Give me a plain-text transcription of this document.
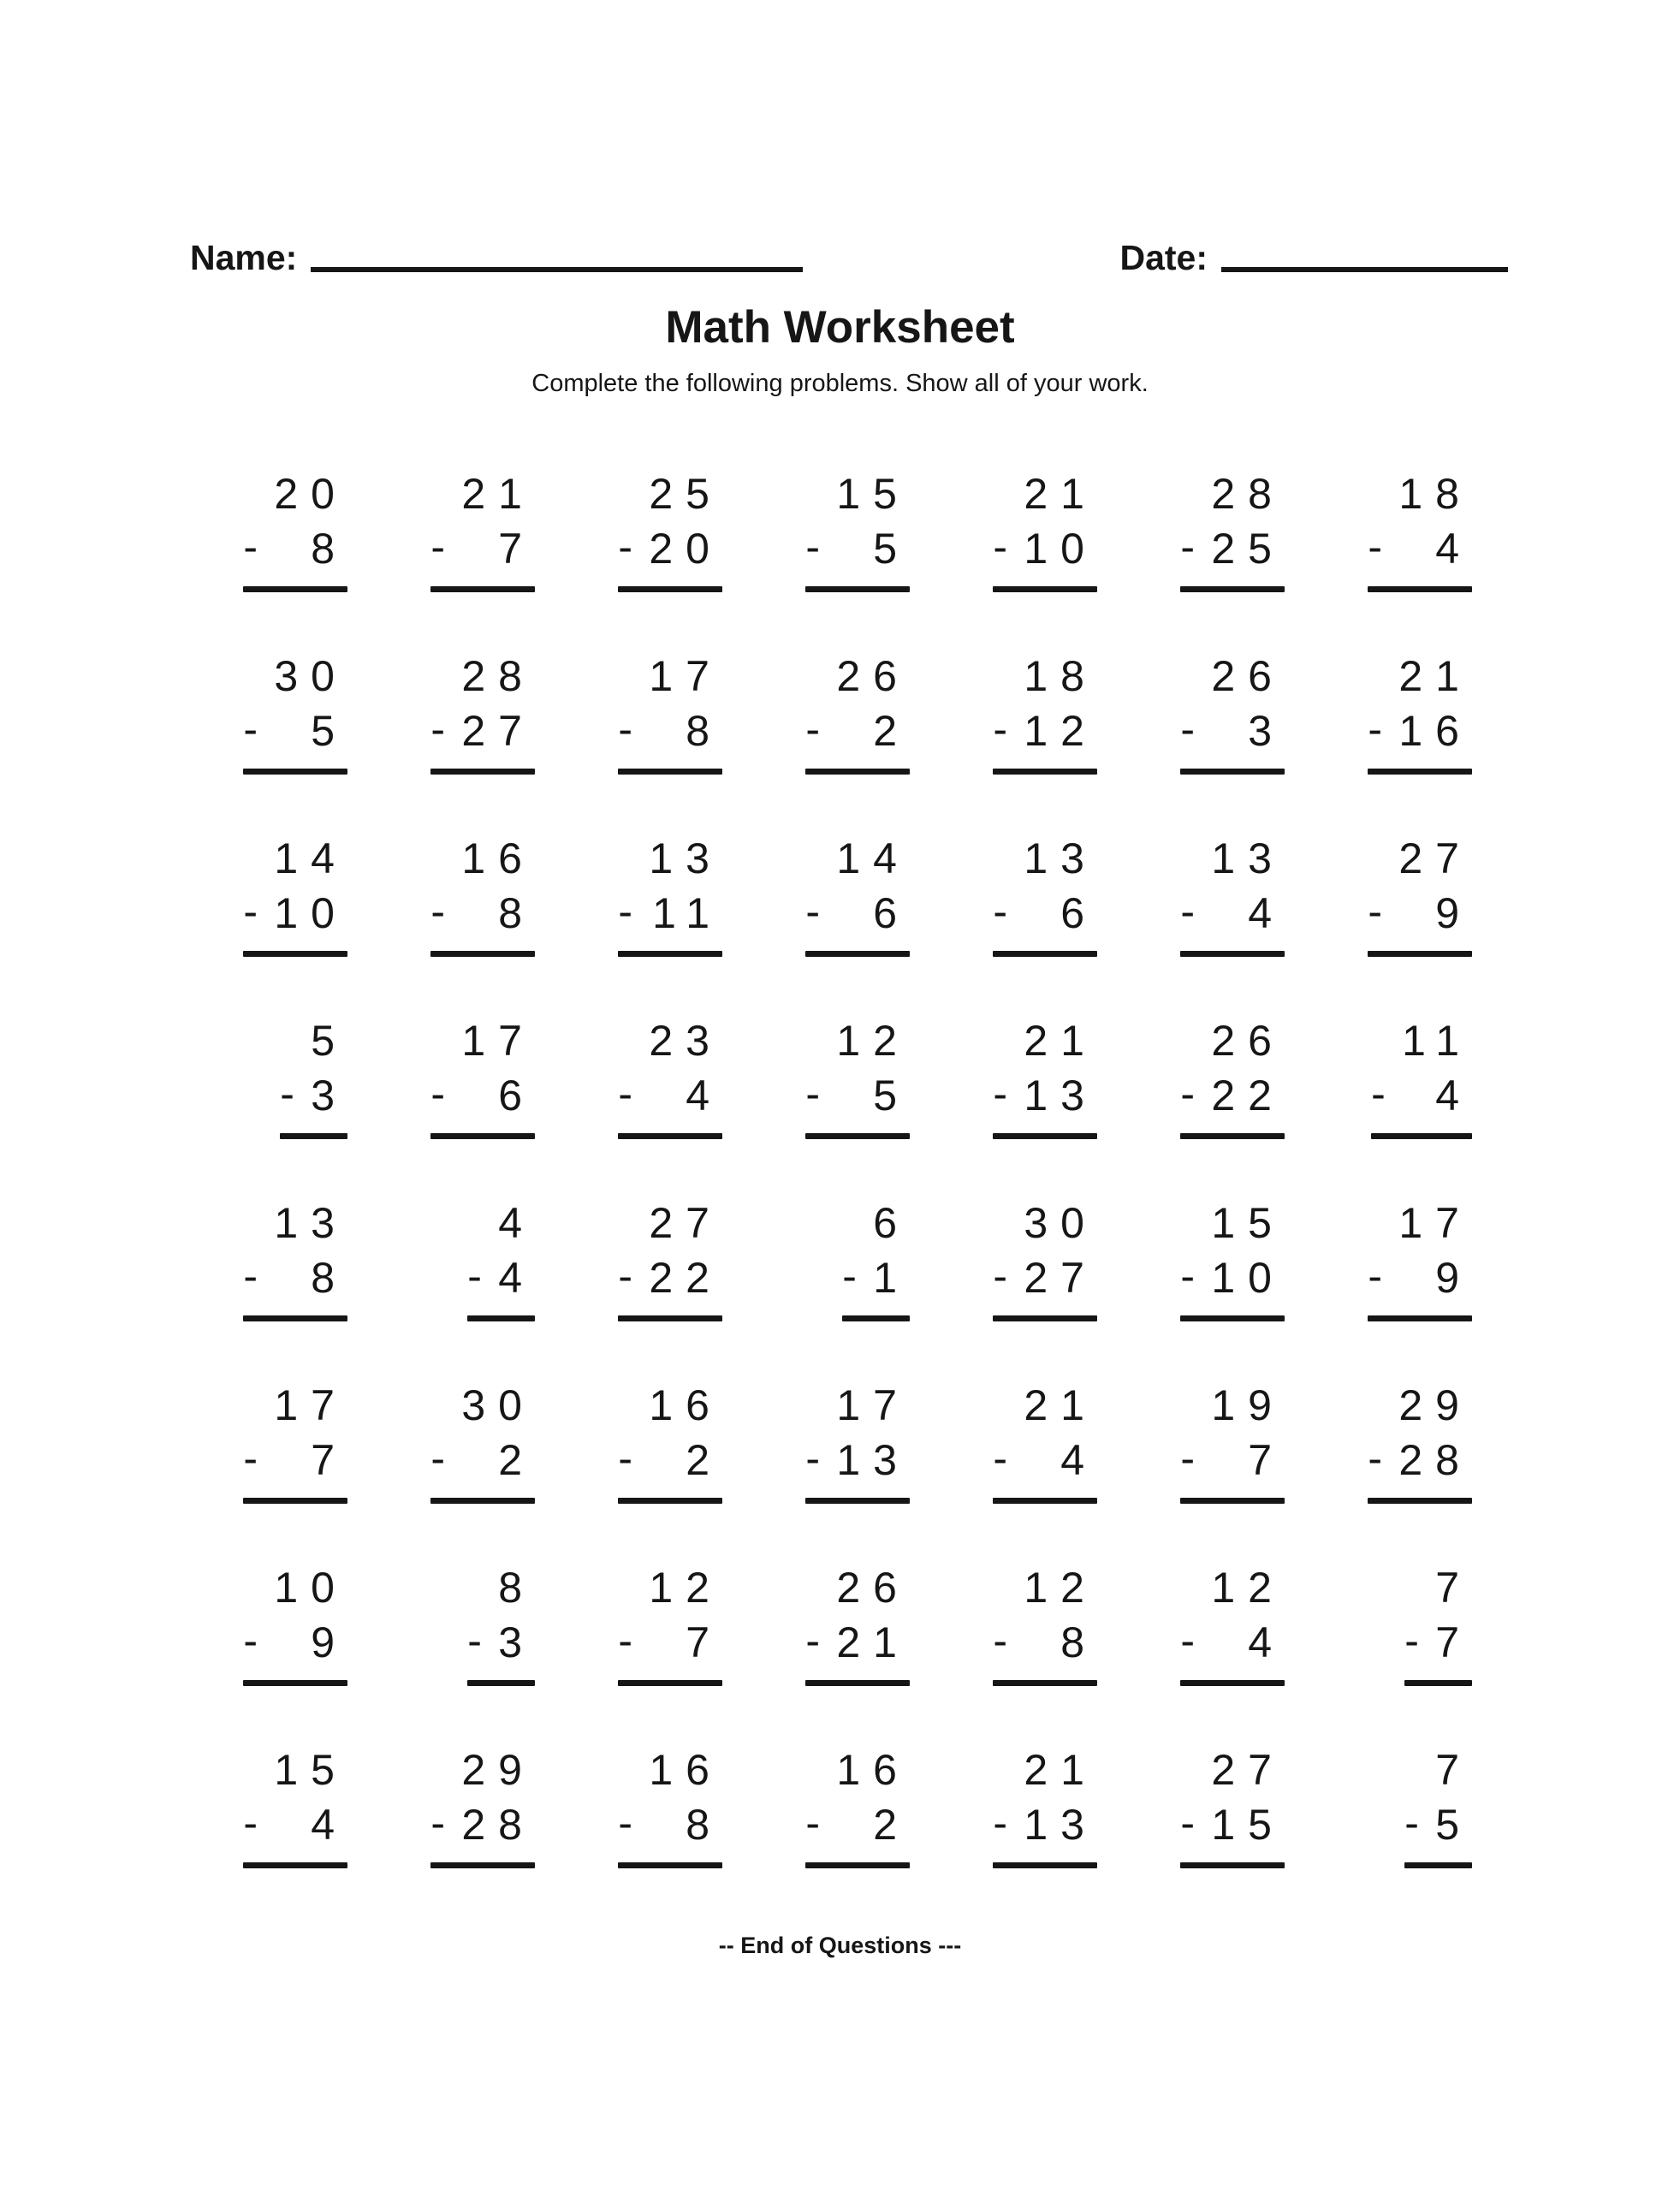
Name:	Date:
Math Worksheet

Complete the following problems. Show all of your work.

20
- 8
21
- 7
25
- 20
15
- 5
21
- 10
28
- 25
18
- 4
30
- 5
28
- 27
17
- 8
26
- 2
18
- 12
26
- 3
21
- 16
14
- 10
16
- 8
13
- 11
14
- 6
13
- 6
13
- 4
27
- 9
5
- 3
17
- 6
23
- 4
12
- 5
21
- 13
26
- 22
11
- 4
13
- 8
4
- 4
27
- 22
6
- 1
30
- 27
15
- 10
17
- 9
17
- 7
30
- 2
16
- 2
17
- 13
21
- 4
19
- 7
29
- 28
10
- 9
8
- 3
12
- 7
26
- 21
12
- 8
12
- 4
7
- 7
15
- 4
29
- 28
16
- 8
16
- 2
21
- 13
27
- 15
7
- 5
-- End of Questions ---
